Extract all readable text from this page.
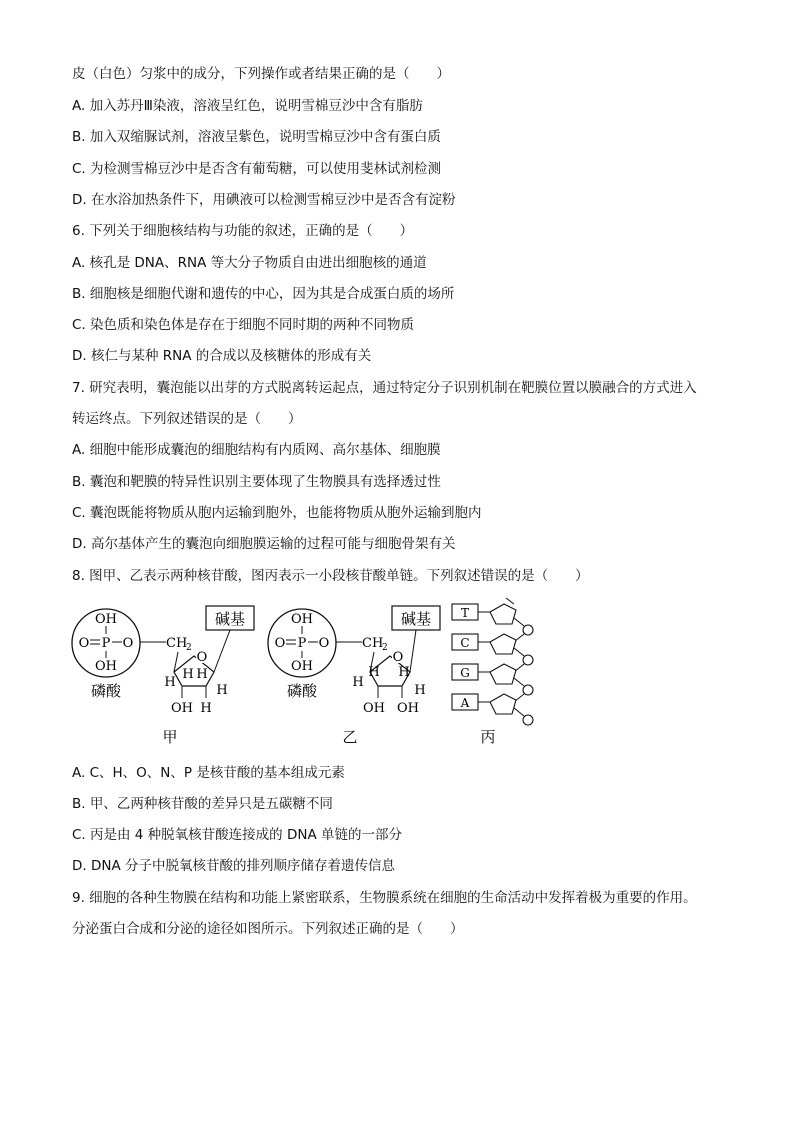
皮（白色）匀浆中的成分，下列操作或者结果正确的是（　　）
A. 加入苏丹Ⅲ染液，溶液呈红色，说明雪棉豆沙中含有脂肪
B. 加入双缩脲试剂，溶液呈紫色，说明雪棉豆沙中含有蛋白质
C. 为检测雪棉豆沙中是否含有葡萄糖，可以使用斐林试剂检测
D. 在水浴加热条件下，用碘液可以检测雪棉豆沙中是否含有淀粉
6. 下列关于细胞核结构与功能的叙述，正确的是（　　）
A. 核孔是 DNA、RNA 等大分子物质自由进出细胞核的通道
B. 细胞核是细胞代谢和遗传的中心，因为其是合成蛋白质的场所
C. 染色质和染色体是存在于细胞不同时期的两种不同物质
D. 核仁与某种 RNA 的合成以及核糖体的形成有关
7. 研究表明，囊泡能以出芽的方式脱离转运起点，通过特定分子识别机制在靶膜位置以膜融合的方式进入
转运终点。下列叙述错误的是（　　）
A. 细胞中能形成囊泡的细胞结构有内质网、高尔基体、细胞膜
B. 囊泡和靶膜的特异性识别主要体现了生物膜具有选择透过性
C. 囊泡既能将物质从胞内运输到胞外，也能将物质从胞外运输到胞内
D. 高尔基体产生的囊泡向细胞膜运输的过程可能与细胞骨架有关
8. 图甲、乙表示两种核苷酸，图丙表示一小段核苷酸单链。下列叙述错误的是（　　）
OH
O P O
OH
磷酸
CH
2
O
碱基
H
H H
H
OH H
甲
OH
O P O
OH
磷酸
CH
2
O
碱基
H
H H
H
OH OH
乙
T
C
G
A
丙
A. C、H、O、N、P 是核苷酸的基本组成元素
B. 甲、乙两种核苷酸的差异只是五碳糖不同
C. 丙是由 4 种脱氧核苷酸连接成的 DNA 单链的一部分
D. DNA 分子中脱氧核苷酸的排列顺序储存着遗传信息
9. 细胞的各种生物膜在结构和功能上紧密联系，生物膜系统在细胞的生命活动中发挥着极为重要的作用。
分泌蛋白合成和分泌的途径如图所示。下列叙述正确的是（　　）
